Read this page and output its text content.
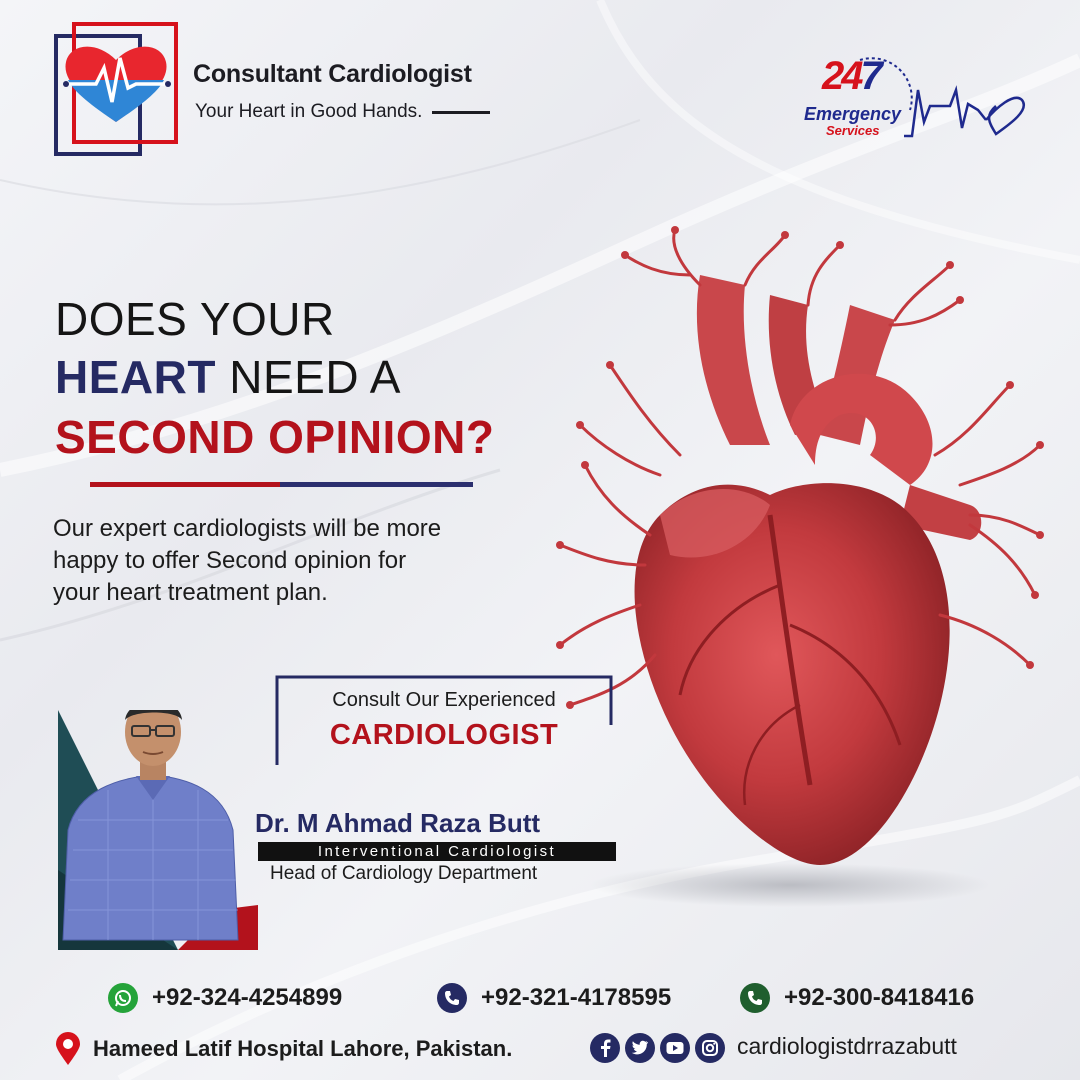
Consultant Cardiologist
Your Heart in Good Hands.
247
Emergency
Services
DOES YOUR
HEART NEED A
SECOND OPINION?
Our expert cardiologists will be more happy to offer Second opinion for your heart treatment plan.
Consult Our Experienced
CARDIOLOGIST
Dr. M Ahmad Raza Butt
Interventional Cardiologist
Head of Cardiology Department
+92-324-4254899	+92-321-4178595	+92-300-8418416
Hameed Latif Hospital Lahore, Pakistan.	cardiologistdrrazabutt
